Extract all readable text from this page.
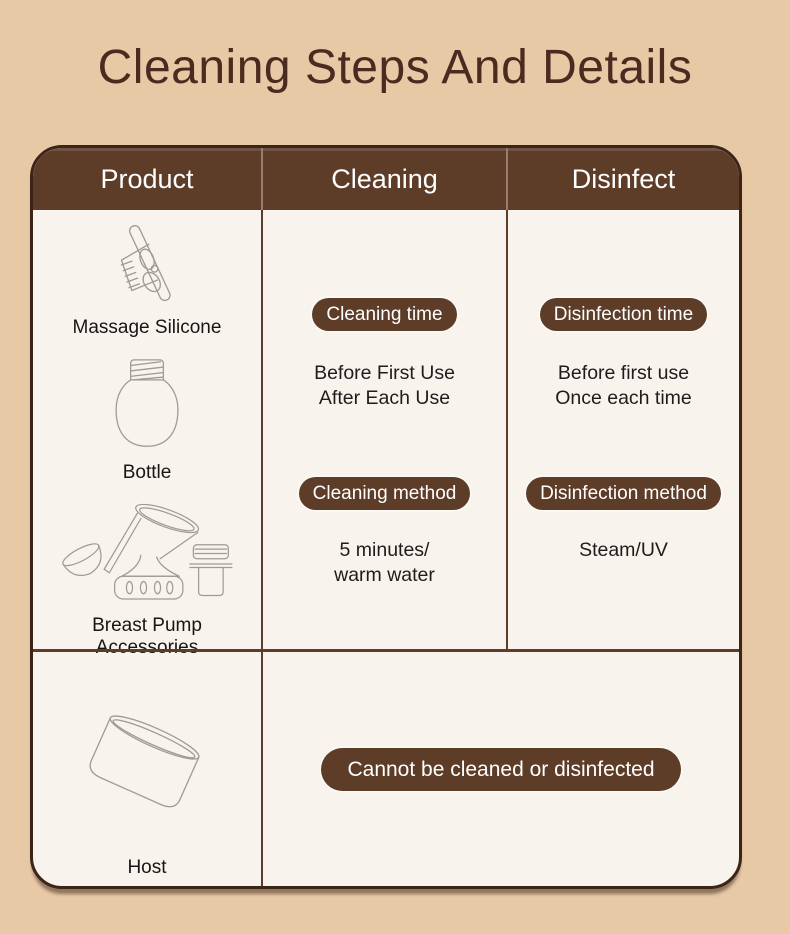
Cleaning Steps And Details
Product	Cleaning	Disinfect
Massage Silicone
Bottle
Breast Pump Accessories
Cleaning time
Before First Use
After Each Use
Cleaning method
5 minutes/
warm water
Disinfection time
Before first use
Once each time
Disinfection method
Steam/UV
Host
Cannot be cleaned or disinfected
